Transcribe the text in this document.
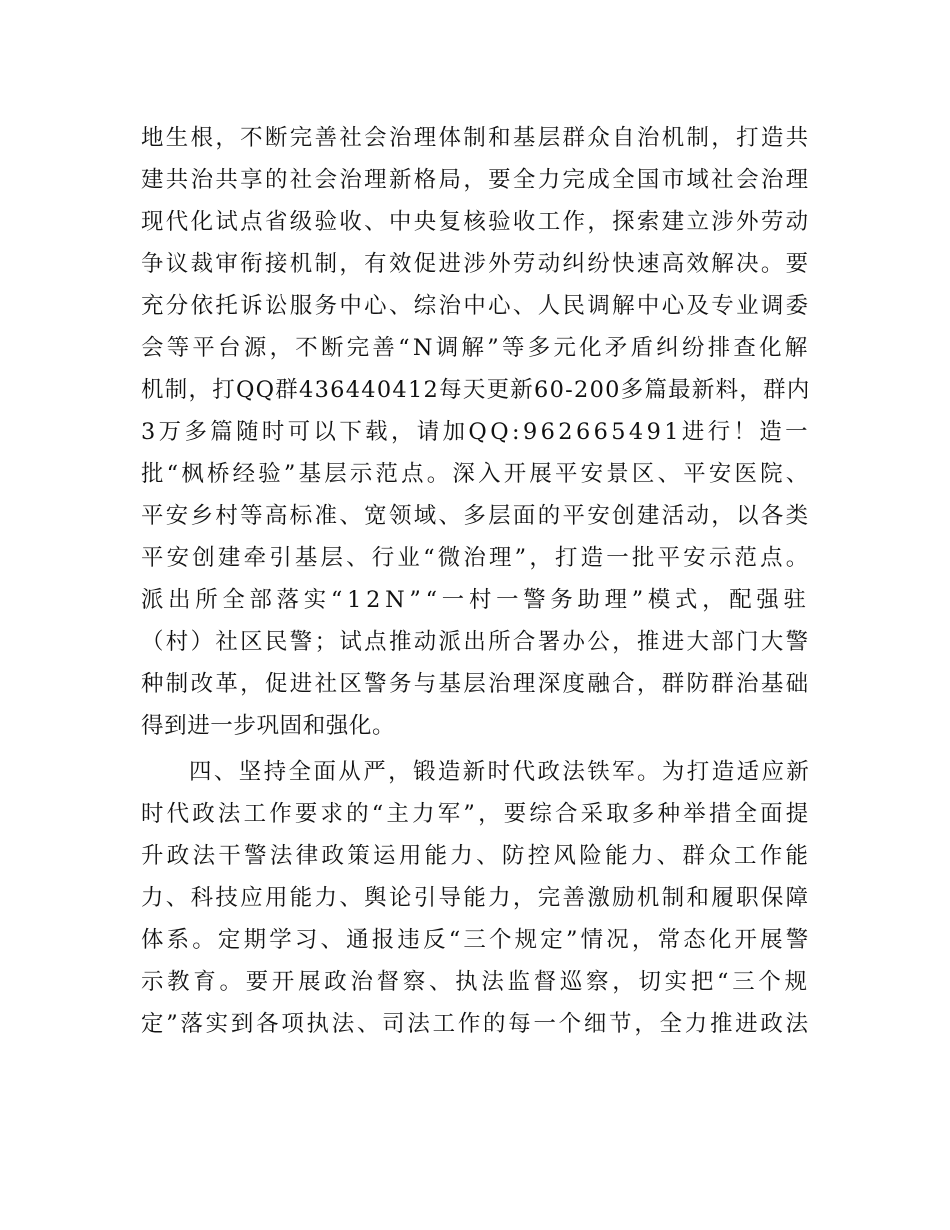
地生根，不断完善社会治理体制和基层群众自治机制，打造共
建共治共享的社会治理新格局，要全力完成全国市域社会治理
现代化试点省级验收、中央复核验收工作，探索建立涉外劳动
争议裁审衔接机制，有效促进涉外劳动纠纷快速高效解决。要
充分依托诉讼服务中心、综治中心、人民调解中心及专业调委
会等平台源，不断完善“N调解”等多元化矛盾纠纷排查化解
机制，打QQ群436440412每天更新60-200多篇最新料，群内
3万多篇随时可以下载，请加QQ:962665491进行！造一
批“枫桥经验”基层示范点。深入开展平安景区、平安医院、
平安乡村等高标准、宽领域、多层面的平安创建活动，以各类
平安创建牵引基层、行业“微治理”，打造一批平安示范点。
派出所全部落实“12N”“一村一警务助理”模式，配强驻
（村）社区民警；试点推动派出所合署办公，推进大部门大警
种制改革，促进社区警务与基层治理深度融合，群防群治基础
得到进一步巩固和强化。
四、坚持全面从严，锻造新时代政法铁军。为打造适应新
时代政法工作要求的“主力军”，要综合采取多种举措全面提
升政法干警法律政策运用能力、防控风险能力、群众工作能
力、科技应用能力、舆论引导能力，完善激励机制和履职保障
体系。定期学习、通报违反“三个规定”情况，常态化开展警
示教育。要开展政治督察、执法监督巡察，切实把“三个规
定”落实到各项执法、司法工作的每一个细节，全力推进政法
